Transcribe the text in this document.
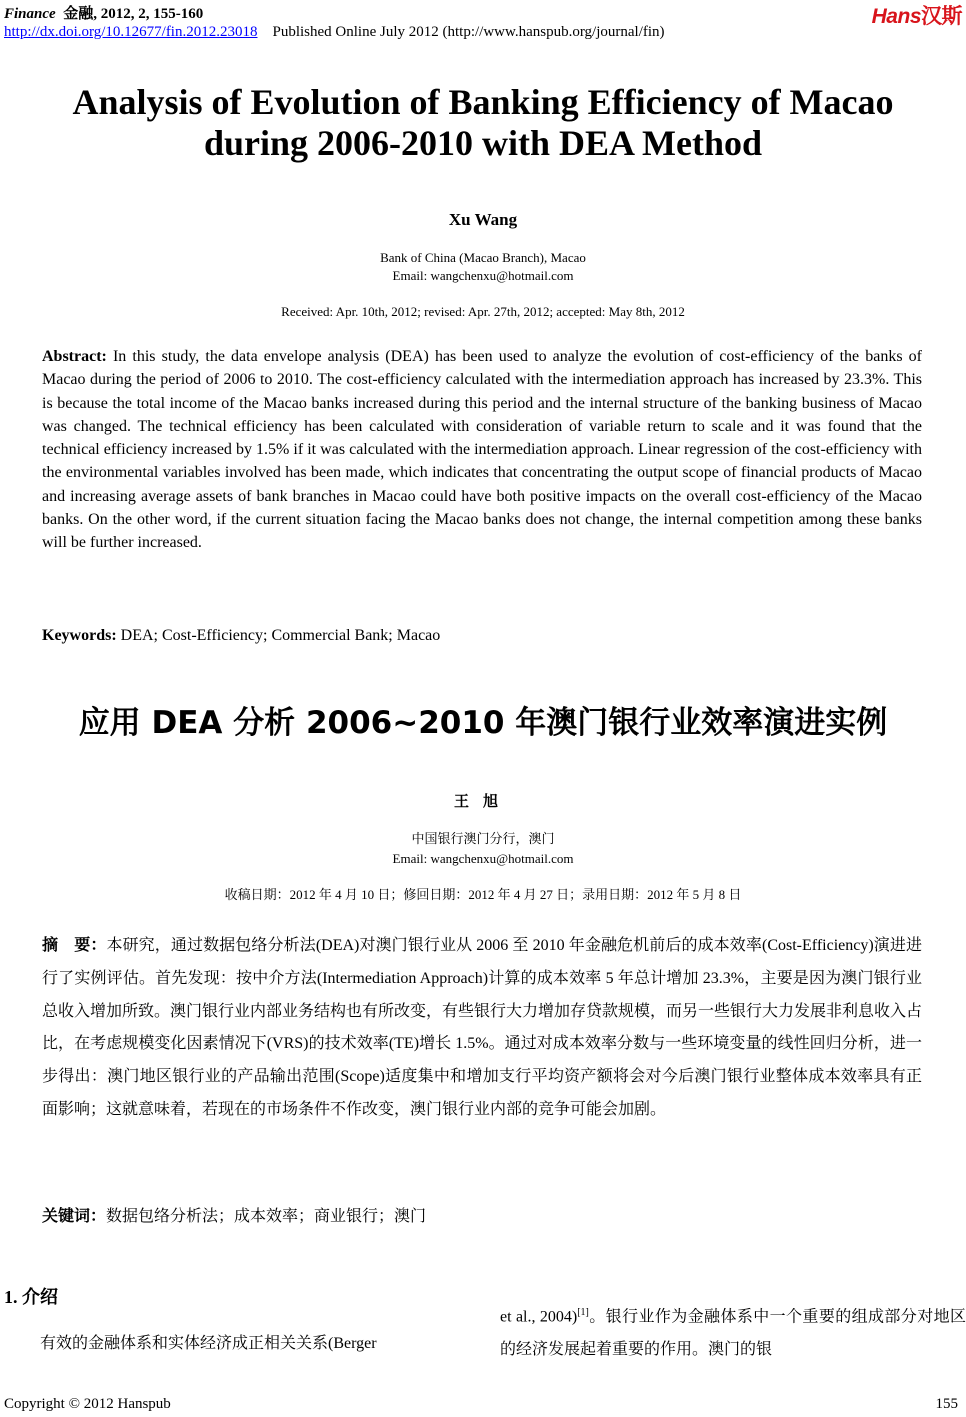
Finance 金融, 2012, 2, 155-160
http://dx.doi.org/10.12677/fin.2012.23018 Published Online July 2012 (http://www.hanspub.org/journal/fin)
Hans汉斯
Analysis of Evolution of Banking Efficiency of Macao
during 2006-2010 with DEA Method
Xu Wang
Bank of China (Macao Branch), Macao
Email: wangchenxu@hotmail.com
Received: Apr. 10th, 2012; revised: Apr. 27th, 2012; accepted: May 8th, 2012
Abstract: In this study, the data envelope analysis (DEA) has been used to analyze the evolution of cost-efficiency of the banks of Macao during the period of 2006 to 2010. The cost-efficiency calculated with the intermediation approach has increased by 23.3%. This is because the total income of the Macao banks increased during this period and the internal structure of the banking business of Macao was changed. The technical efficiency has been calculated with consideration of variable return to scale and it was found that the technical efficiency increased by 1.5% if it was calculated with the intermediation approach. Linear regression of the cost-efficiency with the environmental variables involved has been made, which indicates that concentrating the output scope of financial products of Macao and increasing average assets of bank branches in Macao could have both positive impacts on the overall cost-efficiency of the Macao banks. On the other word, if the current situation facing the Macao banks does not change, the internal competition among these banks will be further increased.
Keywords: DEA; Cost-Efficiency; Commercial Bank; Macao
应用 DEA 分析 2006~2010 年澳门银行业效率演进实例
王旭
中国银行澳门分行，澳门
Email: wangchenxu@hotmail.com
收稿日期：2012 年 4 月 10 日；修回日期：2012 年 4 月 27 日；录用日期：2012 年 5 月 8 日
摘　要：本研究，通过数据包络分析法(DEA)对澳门银行业从 2006 至 2010 年金融危机前后的成本效率(Cost-Efficiency)演进进行了实例评估。首先发现：按中介方法(Intermediation Approach)计算的成本效率 5 年总计增加 23.3%，主要是因为澳门银行业总收入增加所致。澳门银行业内部业务结构也有所改变，有些银行大力增加存贷款规模，而另一些银行大力发展非利息收入占比，在考虑规模变化因素情况下(VRS)的技术效率(TE)增长 1.5%。通过对成本效率分数与一些环境变量的线性回归分析，进一步得出：澳门地区银行业的产品输出范围(Scope)适度集中和增加支行平均资产额将会对今后澳门银行业整体成本效率具有正面影响；这就意味着，若现在的市场条件不作改变，澳门银行业内部的竞争可能会加剧。
关键词：数据包络分析法；成本效率；商业银行；澳门
1. 介绍
有效的金融体系和实体经济成正相关关系(Berger
et al., 2004)[1]。银行业作为金融体系中一个重要的组成部分对地区的经济发展起着重要的作用。澳门的银
Copyright © 2012 Hanspub	155
